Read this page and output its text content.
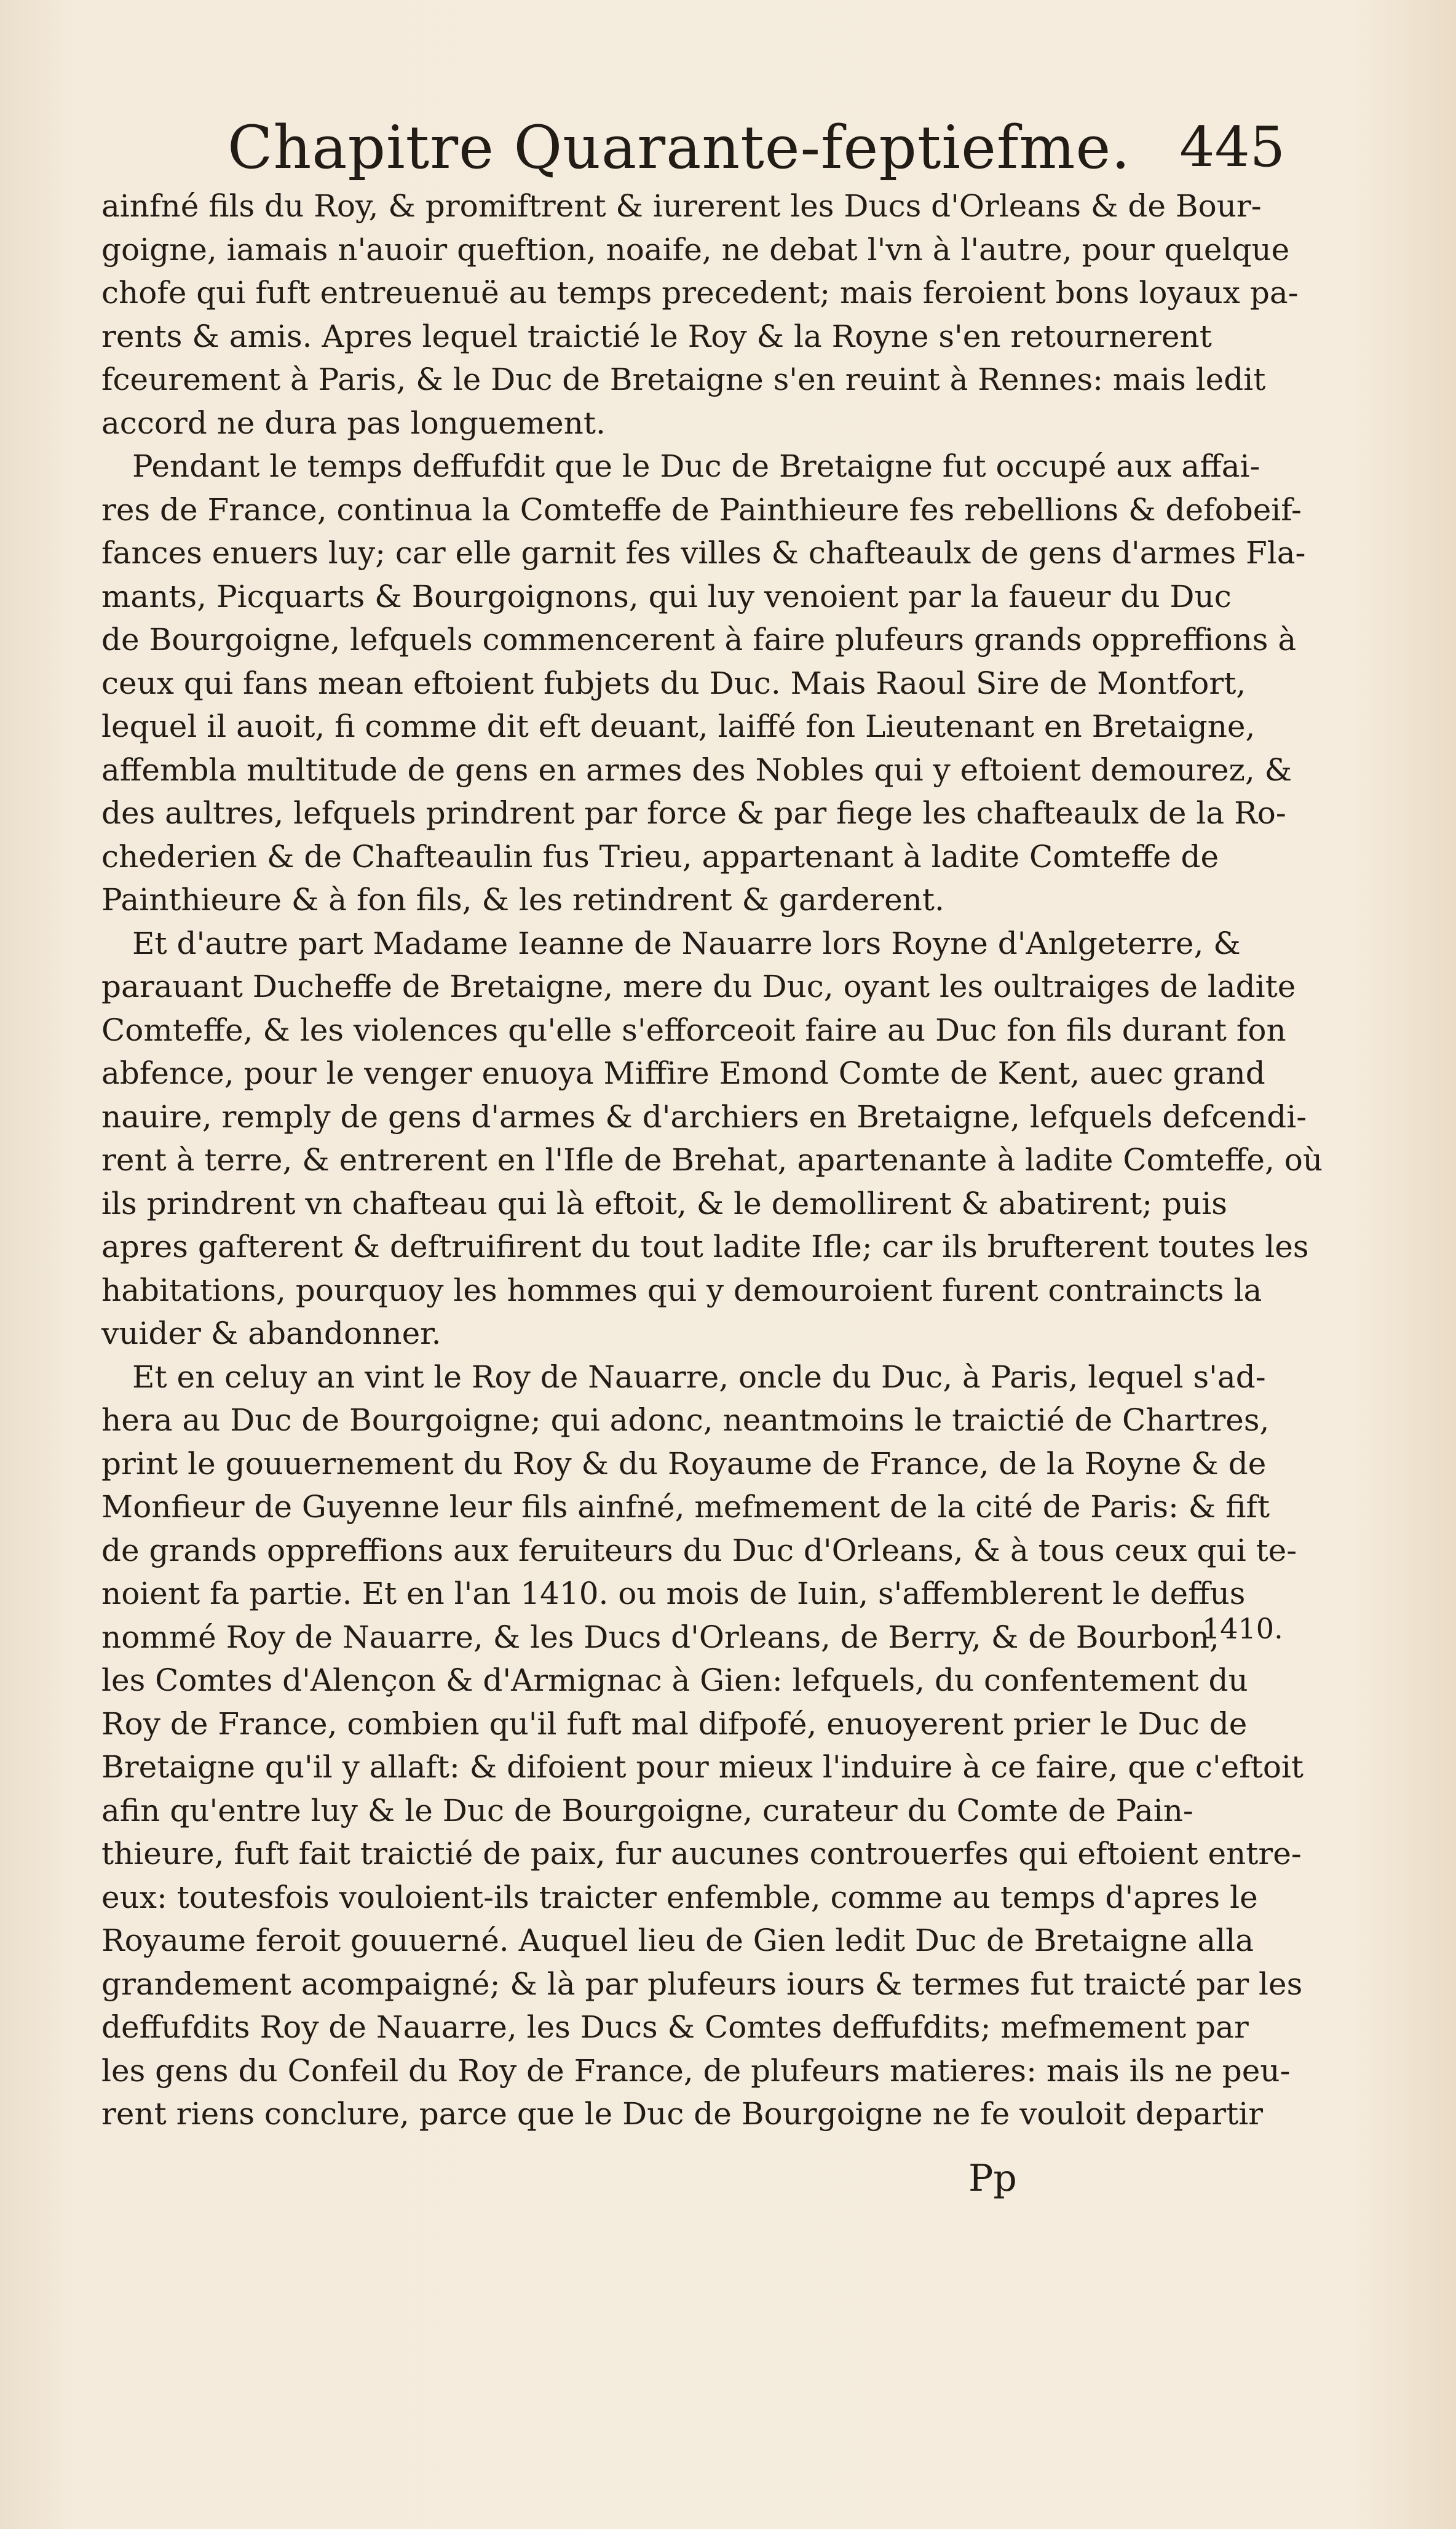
Chapitre Quarante-feptiefme. 445
ainfné fils du Roy, & promiftrent & iurerent les Ducs d'Orleans & de Bour-
goigne, iamais n'auoir queftion, noaife, ne debat l'vn à l'autre, pour quelque
chofe qui fuft entreuenuë au temps precedent; mais feroient bons loyaux pa-
rents & amis. Apres lequel traictié le Roy & la Royne s'en retournerent
fceurement à Paris, & le Duc de Bretaigne s'en reuint à Rennes: mais ledit
accord ne dura pas longuement.
Pendant le temps deffufdit que le Duc de Bretaigne fut occupé aux affai-
res de France, continua la Comteffe de Painthieure fes rebellions & defobeif-
fances enuers luy; car elle garnit fes villes & chafteaulx de gens d'armes Fla-
mants, Picquarts & Bourgoignons, qui luy venoient par la faueur du Duc
de Bourgoigne, lefquels commencerent à faire plufeurs grands oppreffions à
ceux qui fans mean eftoient fubjets du Duc. Mais Raoul Sire de Montfort,
lequel il auoit, fi comme dit eft deuant, laiffé fon Lieutenant en Bretaigne,
affembla multitude de gens en armes des Nobles qui y eftoient demourez, &
des aultres, lefquels prindrent par force & par fiege les chafteaulx de la Ro-
chederien & de Chafteaulin fus Trieu, appartenant à ladite Comteffe de
Painthieure & à fon fils, & les retindrent & garderent.
Et d'autre part Madame Ieanne de Nauarre lors Royne d'Anlgeterre, &
parauant Ducheffe de Bretaigne, mere du Duc, oyant les oultraiges de ladite
Comteffe, & les violences qu'elle s'efforceoit faire au Duc fon fils durant fon
abfence, pour le venger enuoya Miffire Emond Comte de Kent, auec grand
nauire, remply de gens d'armes & d'archiers en Bretaigne, lefquels defcendi-
rent à terre, & entrerent en l'Ifle de Brehat, apartenante à ladite Comteffe, où
ils prindrent vn chafteau qui là eftoit, & le demollirent & abatirent; puis
apres gafterent & deftruifirent du tout ladite Ifle; car ils brufterent toutes les
habitations, pourquoy les hommes qui y demouroient furent contraincts la
vuider & abandonner.
Et en celuy an vint le Roy de Nauarre, oncle du Duc, à Paris, lequel s'ad-
hera au Duc de Bourgoigne; qui adonc, neantmoins le traictié de Chartres,
print le gouuernement du Roy & du Royaume de France, de la Royne & de
Monfieur de Guyenne leur fils ainfné, mefmement de la cité de Paris: & fift
de grands oppreffions aux feruiteurs du Duc d'Orleans, & à tous ceux qui te-
noient fa partie. Et en l'an 1410. ou mois de Iuin, s'affemblerent le deffus
nommé Roy de Nauarre, & les Ducs d'Orleans, de Berry, & de Bourbon,
les Comtes d'Alençon & d'Armignac à Gien: lefquels, du confentement du
Roy de France, combien qu'il fuft mal difpofé, enuoyerent prier le Duc de
Bretaigne qu'il y allaft: & difoient pour mieux l'induire à ce faire, que c'eftoit
afin qu'entre luy & le Duc de Bourgoigne, curateur du Comte de Pain-
thieure, fuft fait traictié de paix, fur aucunes controuerfes qui eftoient entre-
eux: toutesfois vouloient-ils traicter enfemble, comme au temps d'apres le
Royaume feroit gouuerné. Auquel lieu de Gien ledit Duc de Bretaigne alla
grandement acompaigné; & là par plufeurs iours & termes fut traicté par les
deffufdits Roy de Nauarre, les Ducs & Comtes deffufdits; mefmement par
les gens du Confeil du Roy de France, de plufeurs matieres: mais ils ne peu-
rent riens conclure, parce que le Duc de Bourgoigne ne fe vouloit departir
1410.
Pp
